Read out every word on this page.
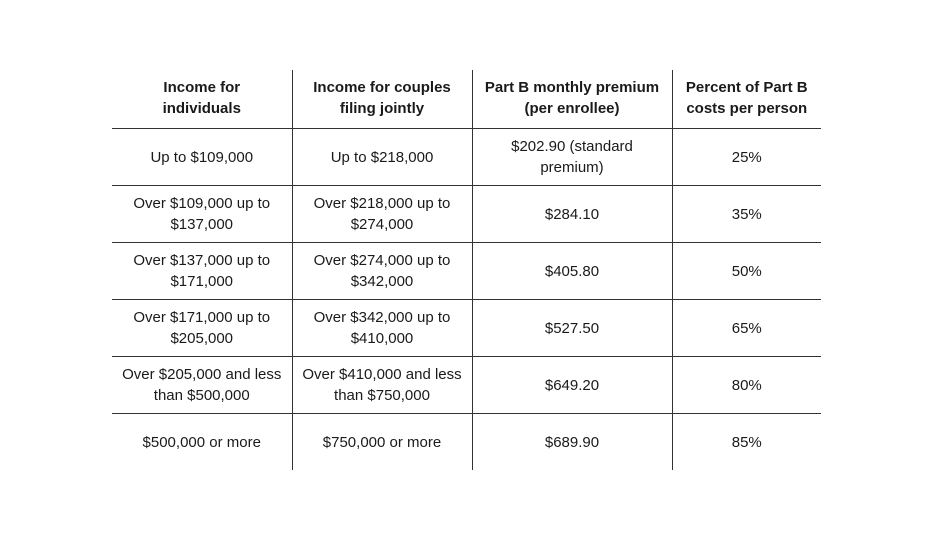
Income for individuals	Income for couples filing jointly	Part B monthly premium (per enrollee)	Percent of Part B costs per person

Up to $109,000	Up to $218,000	$202.90 (standard premium)	25%

Over $109,000 up to $137,000	Over $218,000 up to $274,000	$284.10	35%

Over $137,000 up to $171,000	Over $274,000 up to $342,000	$405.80	50%

Over $171,000 up to $205,000	Over $342,000 up to $410,000	$527.50	65%

Over $205,000 and less than $500,000	Over $410,000 and less than $750,000	$649.20	80%

$500,000 or more	$750,000 or more	$689.90	85%
